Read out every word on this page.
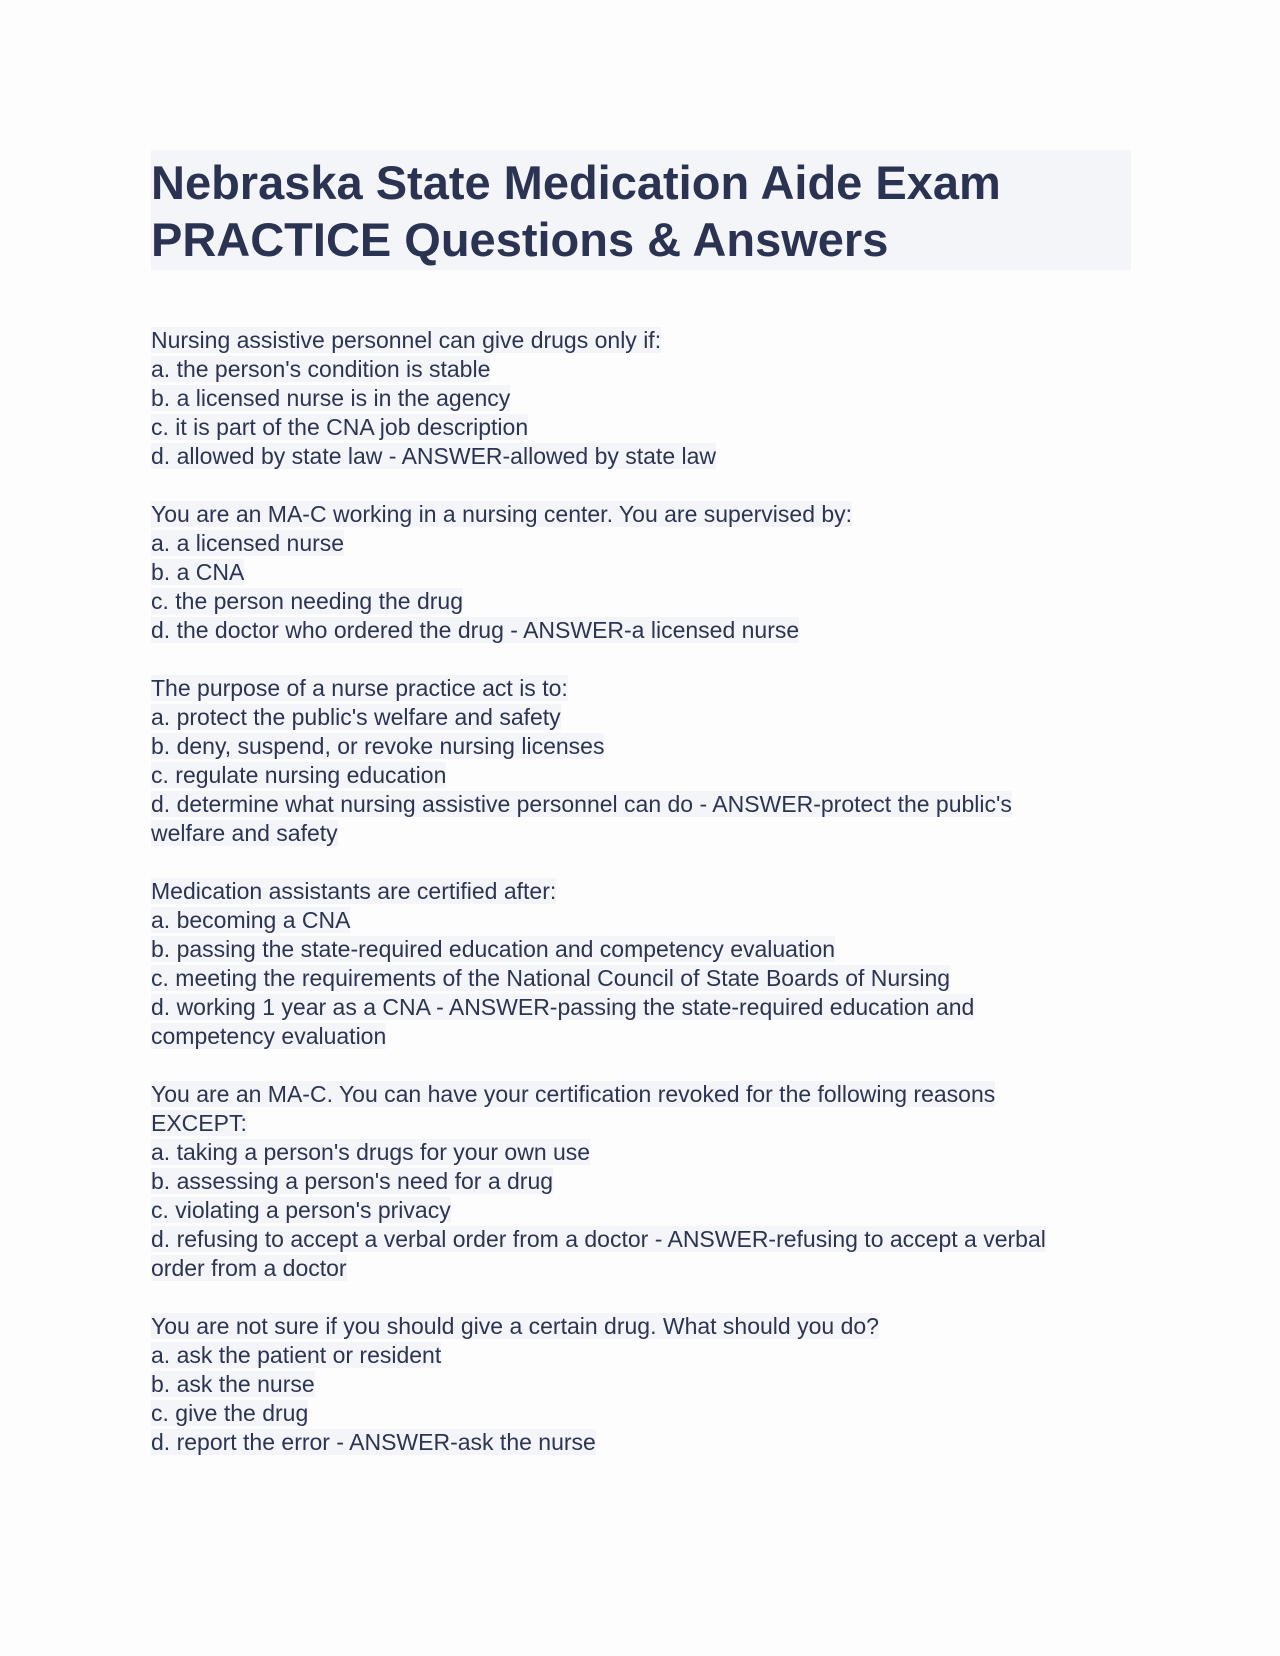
Nebraska State Medication Aide Exam
PRACTICE Questions & Answers
Nursing assistive personnel can give drugs only if:
a. the person's condition is stable
b. a licensed nurse is in the agency
c. it is part of the CNA job description
d. allowed by state law - ANSWER-allowed by state law
You are an MA-C working in a nursing center. You are supervised by:
a. a licensed nurse
b. a CNA
c. the person needing the drug
d. the doctor who ordered the drug - ANSWER-a licensed nurse
The purpose of a nurse practice act is to:
a. protect the public's welfare and safety
b. deny, suspend, or revoke nursing licenses
c. regulate nursing education
d. determine what nursing assistive personnel can do - ANSWER-protect the public's
welfare and safety
Medication assistants are certified after:
a. becoming a CNA
b. passing the state-required education and competency evaluation
c. meeting the requirements of the National Council of State Boards of Nursing
d. working 1 year as a CNA - ANSWER-passing the state-required education and
competency evaluation
You are an MA-C. You can have your certification revoked for the following reasons
EXCEPT:
a. taking a person's drugs for your own use
b. assessing a person's need for a drug
c. violating a person's privacy
d. refusing to accept a verbal order from a doctor - ANSWER-refusing to accept a verbal
order from a doctor
You are not sure if you should give a certain drug. What should you do?
a. ask the patient or resident
b. ask the nurse
c. give the drug
d. report the error - ANSWER-ask the nurse
